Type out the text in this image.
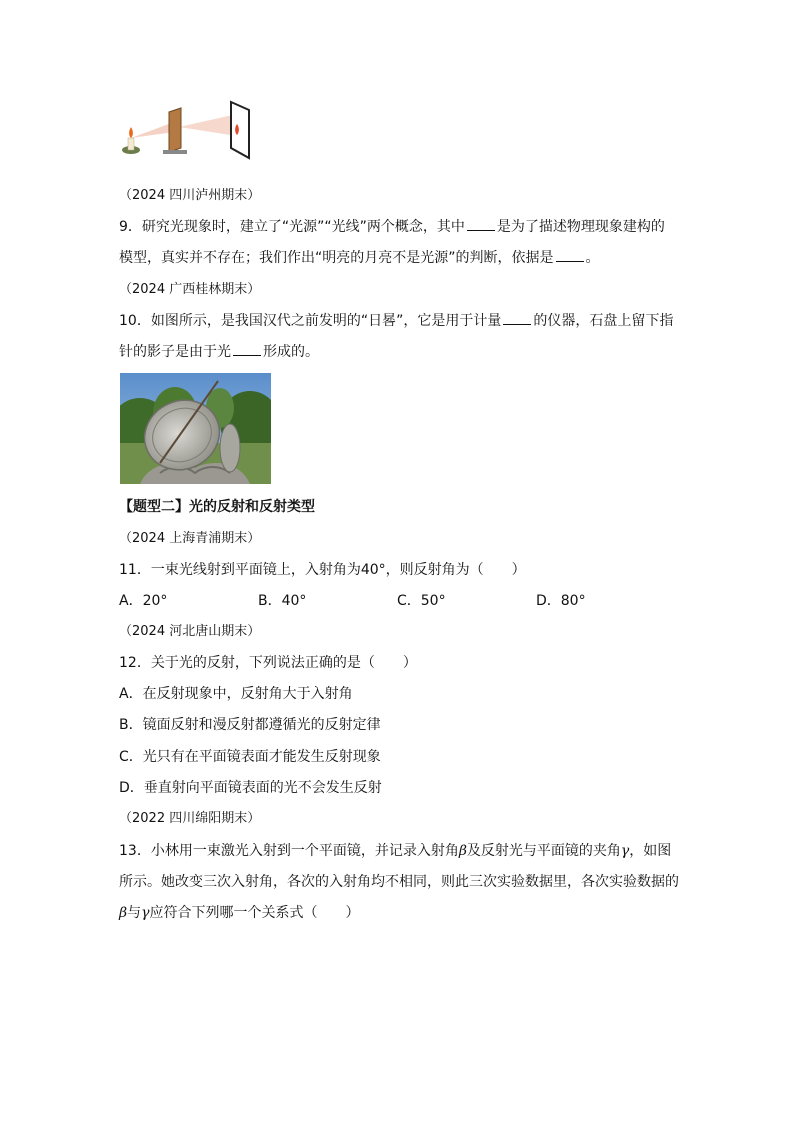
（2024 四川泸州期末）
9．研究光现象时，建立了“光源”“光线”两个概念，其中 是为了描述物理现象建构的
模型，真实并不存在；我们作出“明亮的月亮不是光源”的判断，依据是 。
（2024 广西桂林期末）
10．如图所示，是我国汉代之前发明的“日晷”，它是用于计量 的仪器，石盘上留下指
针的影子是由于光 形成的。
【题型二】光的反射和反射类型
（2024 上海青浦期末）
11．一束光线射到平面镜上，入射角为40°，则反射角为（　　）
A．20°	B．40°	C．50°	D．80°
（2024 河北唐山期末）
12．关于光的反射，下列说法正确的是（　　）
A．在反射现象中，反射角大于入射角
B．镜面反射和漫反射都遵循光的反射定律
C．光只有在平面镜表面才能发生反射现象
D．垂直射向平面镜表面的光不会发生反射
（2022 四川绵阳期末）
13．小林用一束激光入射到一个平面镜，并记录入射角β及反射光与平面镜的夹角γ，如图
所示。她改变三次入射角，各次的入射角均不相同，则此三次实验数据里，各次实验数据的
β与γ应符合下列哪一个关系式（　　）
